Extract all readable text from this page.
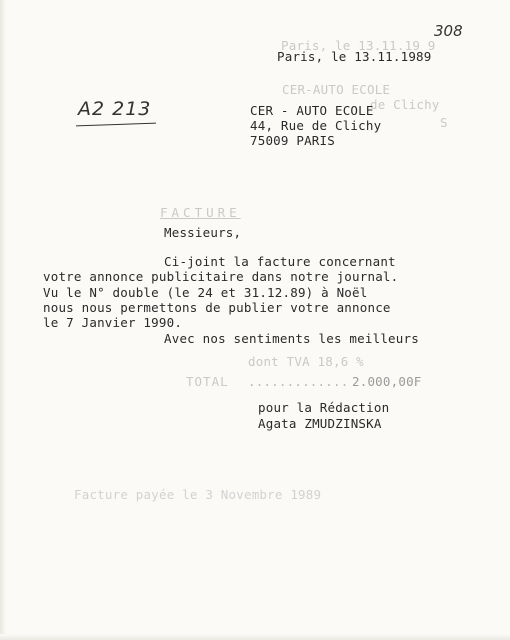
Paris, le 13.11.19 9
CER-AUTO ECOLE
de Clichy
S
FACTURE
dont TVA 18,6 %
TOTAL ............. 2.000,00F
Facture payée le 3 Novembre 1989
308
A2 213
Paris, le 13.11.1989
CER - AUTO ECOLE
44, Rue de Clichy
75009 PARIS
Messieurs,
Ci-joint la facture concernant
votre annonce publicitaire dans notre journal.
Vu le N° double (le 24 et 31.12.89) à Noël
nous nous permettons de publier votre annonce
le 7 Janvier 1990.
Avec nos sentiments les meilleurs
pour la Rédaction
Agata ZMUDZINSKA
